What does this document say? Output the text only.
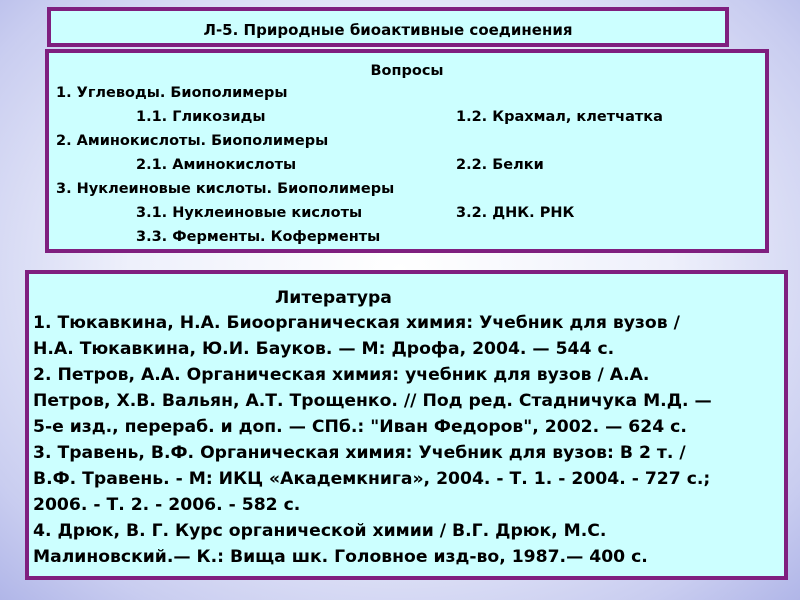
Л-5. Природные биоактивные соединения
Вопросы
1. Углеводы. Биополимеры
1.1. Гликозиды	1.2. Крахмал, клетчатка
2. Аминокислоты. Биополимеры
2.1. Аминокислоты	2.2. Белки
3. Нуклеиновые кислоты. Биополимеры
3.1. Нуклеиновые кислоты	3.2. ДНК. РНК
3.3. Ферменты. Коферменты
Литература
1. Тюкавкина, Н.А. Биоорганическая химия: Учебник для вузов /
Н.А. Тюкавкина, Ю.И. Бауков. — М: Дрофа, 2004. — 544 с.
2. Петров, А.А. Органическая химия: учебник для вузов / А.А.
Петров, Х.В. Вальян, А.Т. Трощенко. // Под ред. Стадничука М.Д. —
5-е изд., перераб. и доп. — СПб.: "Иван Федоров", 2002. — 624 с.
3. Травень, В.Ф. Органическая химия: Учебник для вузов: В 2 т. /
В.Ф. Травень. - М: ИКЦ «Академкнига», 2004. - Т. 1. - 2004. - 727 с.;
2006. - Т. 2. - 2006. - 582 с.
4. Дрюк, В. Г. Курс органической химии / В.Г. Дрюк, М.С.
Малиновский.— К.: Вища шк. Головное изд-во, 1987.— 400 с.
